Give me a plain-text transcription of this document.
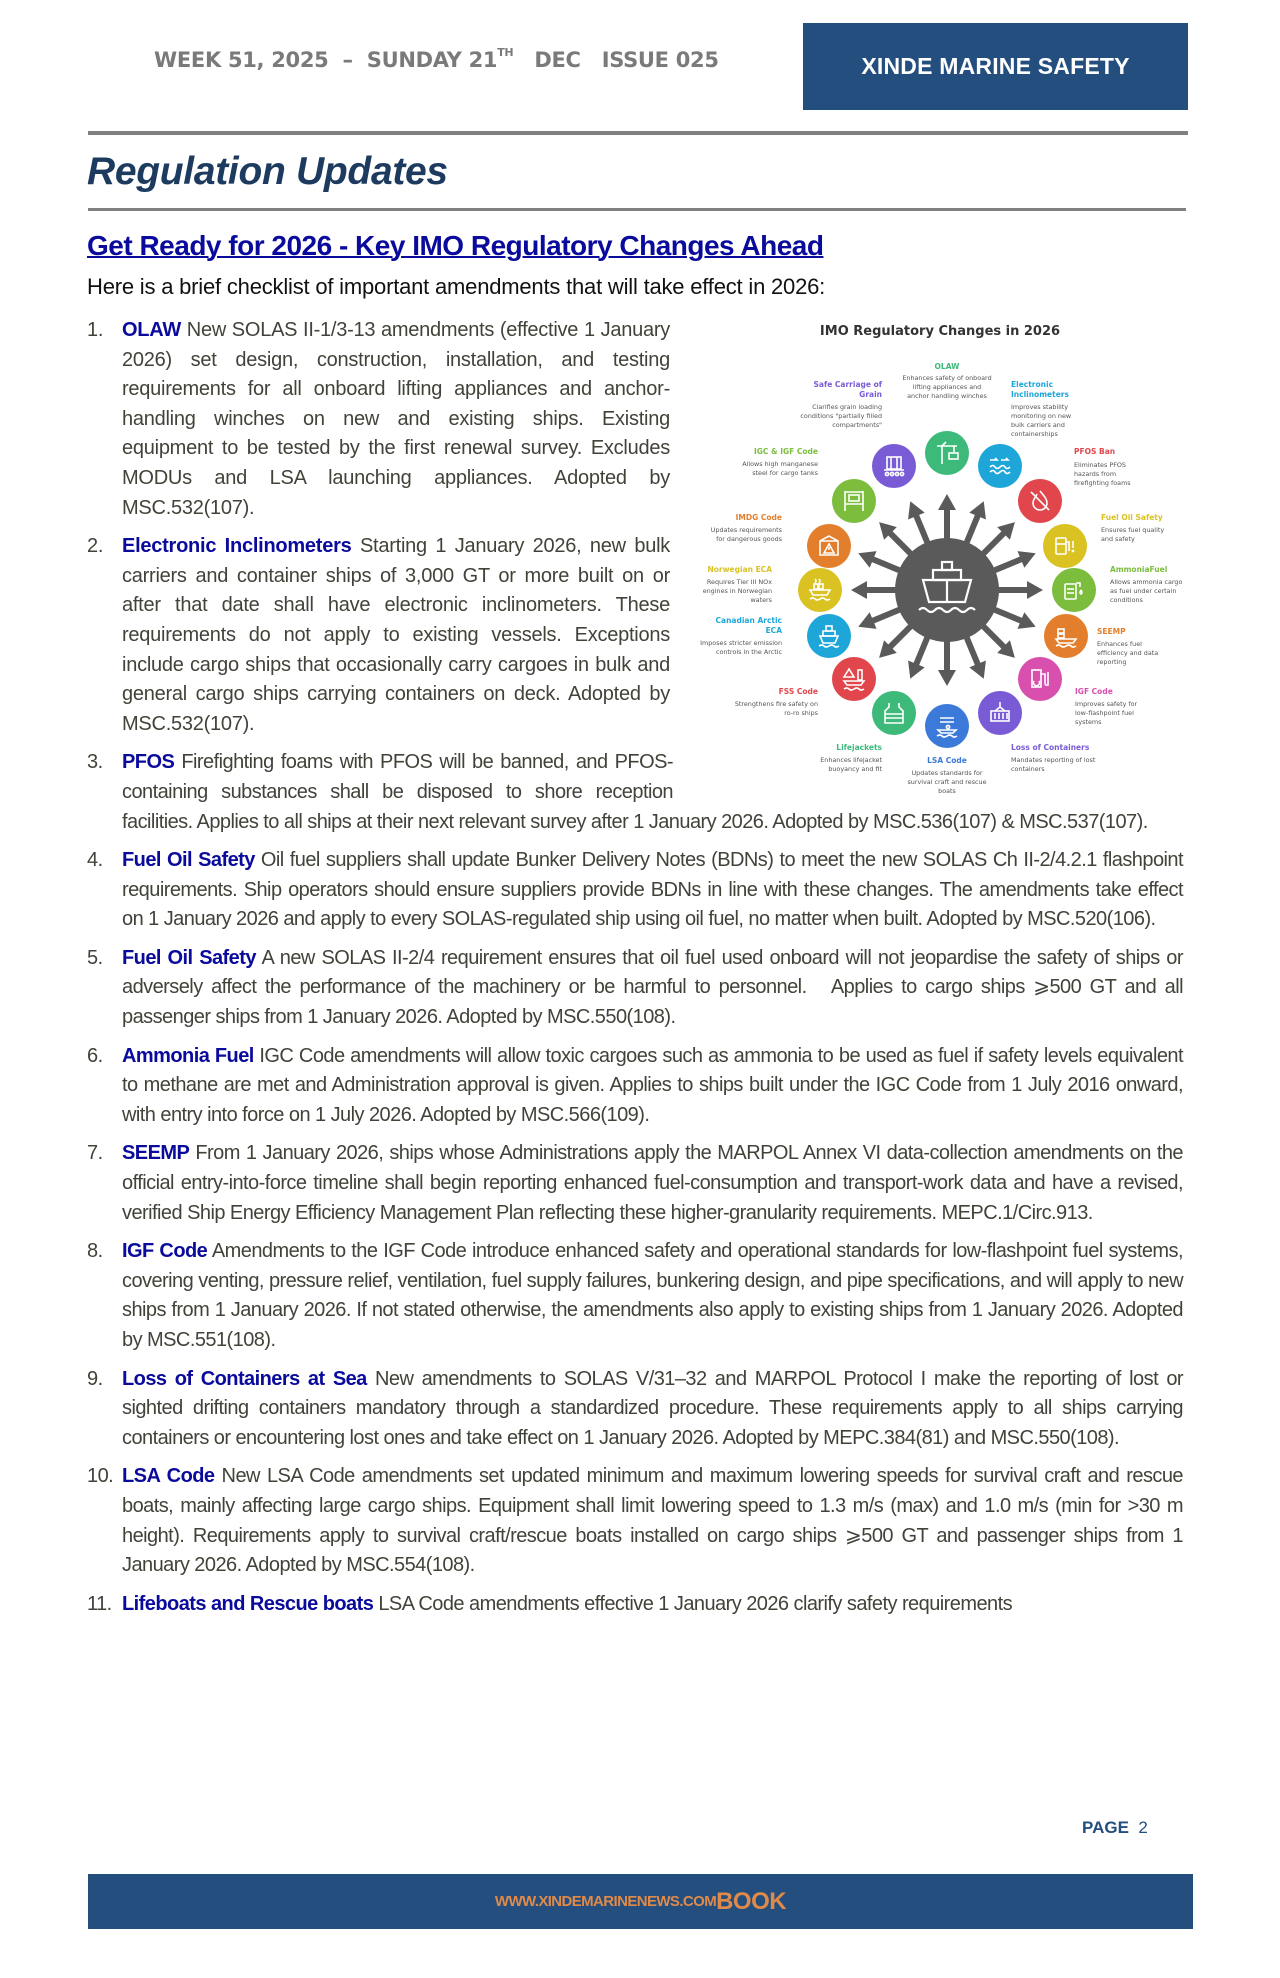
WEEK 51, 2025  –  SUNDAY 21TH   DEC   ISSUE 025	XINDE MARINE SAFETY
Regulation Updates
Get Ready for 2026 - Key IMO Regulatory Changes Ahead
Here is a brief checklist of important amendments that will take effect in 2026:
IMO Regulatory Changes in 2026
OLAW
Enhances safety of onboard lifting appliances and anchor handling winches
Electronic Inclinometers
Improves stability monitoring on new bulk carriers and containerships
PFOS Ban
Eliminates PFOS hazards from firefighting foams
Fuel Oil Safety
Ensures fuel quality and safety
AmmoniaFuel
Allows ammonia cargo as fuel under certain conditions
SEEMP
Enhances fuel efficiency and data reporting
IGF Code
Improves safety for low-flashpoint fuel systems
Loss of Containers
Mandates reporting of lost containers
LSA Code
Updates standards for survival craft and rescue boats
Lifejackets
Enhances lifejacket buoyancy and fit
FSS Code
Strengthens fire safety on ro-ro ships
Canadian Arctic ECA
Imposes stricter emission controls in the Arctic
Norwegian ECA
Requires Tier III NOx engines in Norwegian waters
IMDG Code
Updates requirements for dangerous goods
IGC & IGF Code
Allows high manganese steel for cargo tanks
Safe Carriage of Grain
Clarifies grain loading conditions "partially filled compartments"
1. OLAW New SOLAS II-1/3-13 amendments (effective 1 January 2026) set design, construction, installation, and testing requirements for all onboard lifting appliances and anchor-handling winches on new and existing ships. Existing equipment to be tested by the first renewal survey. Excludes MODUs and LSA launching appliances. Adopted by MSC.532(107).
2. Electronic Inclinometers Starting 1 January 2026, new bulk carriers and container ships of 3,000 GT or more built on or after that date shall have electronic inclinometers. These requirements do not apply to existing vessels. Exceptions include cargo ships that occasionally carry cargoes in bulk and general cargo ships carrying containers on deck. Adopted by MSC.532(107).
3. PFOS Firefighting foams with PFOS will be banned, and PFOS-containing substances shall be disposed to shore reception facilities. Applies to all ships at their next relevant survey after 1 January 2026. Adopted by MSC.536(107) & MSC.537(107).
4. Fuel Oil Safety Oil fuel suppliers shall update Bunker Delivery Notes (BDNs) to meet the new SOLAS Ch II-2/4.2.1 flashpoint requirements. Ship operators should ensure suppliers provide BDNs in line with these changes. The amendments take effect on 1 January 2026 and apply to every SOLAS-regulated ship using oil fuel, no matter when built. Adopted by MSC.520(106).
5. Fuel Oil Safety A new SOLAS II-2/4 requirement ensures that oil fuel used onboard will not jeopardise the safety of ships or adversely affect the performance of the machinery or be harmful to personnel.   Applies to cargo ships ⩾500 GT and all passenger ships from 1 January 2026. Adopted by MSC.550(108).
6. Ammonia Fuel IGC Code amendments will allow toxic cargoes such as ammonia to be used as fuel if safety levels equivalent to methane are met and Administration approval is given. Applies to ships built under the IGC Code from 1 July 2016 onward, with entry into force on 1 July 2026. Adopted by MSC.566(109).
7. SEEMP From 1 January 2026, ships whose Administrations apply the MARPOL Annex VI data-collection amendments on the official entry-into-force timeline shall begin reporting enhanced fuel-consumption and transport-work data and have a revised, verified Ship Energy Efficiency Management Plan reflecting these higher-granularity requirements. MEPC.1/Circ.913.
8. IGF Code Amendments to the IGF Code introduce enhanced safety and operational standards for low-flashpoint fuel systems, covering venting, pressure relief, ventilation, fuel supply failures, bunkering design, and pipe specifications, and will apply to new ships from 1 January 2026. If not stated otherwise, the amendments also apply to existing ships from 1 January 2026. Adopted by MSC.551(108).
9. Loss of Containers at Sea New amendments to SOLAS V/31–32 and MARPOL Protocol I make the reporting of lost or sighted drifting containers mandatory through a standardized procedure. These requirements apply to all ships carrying containers or encountering lost ones and take effect on 1 January 2026. Adopted by MEPC.384(81) and MSC.550(108).
10. LSA Code New LSA Code amendments set updated minimum and maximum lowering speeds for survival craft and rescue boats, mainly affecting large cargo ships. Equipment shall limit lowering speed to 1.3 m/s (max) and 1.0 m/s (min for >30 m height). Requirements apply to survival craft/rescue boats installed on cargo ships ⩾500 GT and passenger ships from 1 January 2026. Adopted by MSC.554(108).
11. Lifeboats and Rescue boats LSA Code amendments effective 1 January 2026 clarify safety requirements
PAGE 2
WWW.XINDEMARINENEWS.COM BOOK
